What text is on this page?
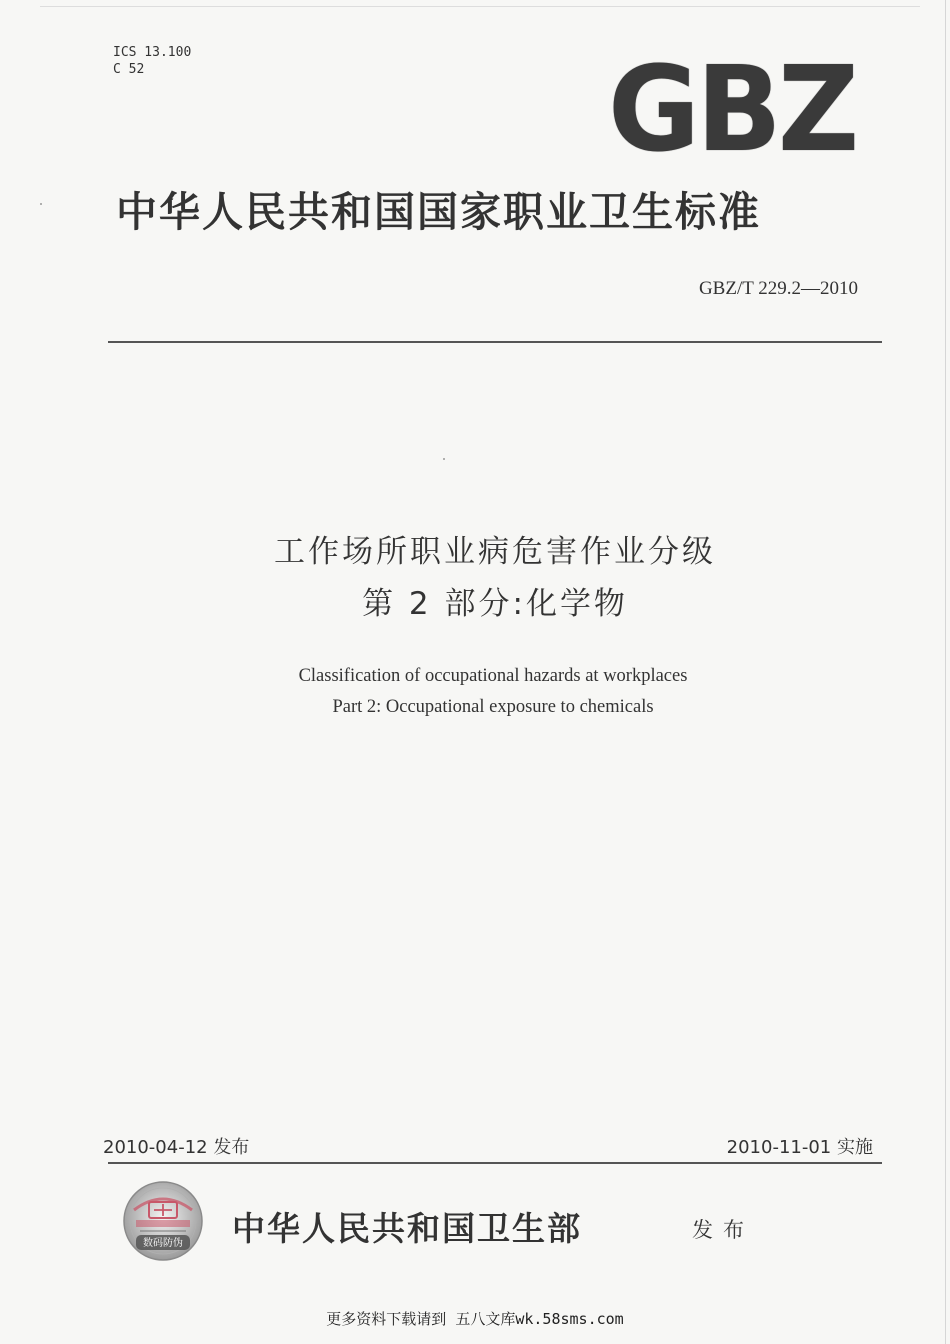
ICS 13.100
C 52	GBZ
中华人民共和国国家职业卫生标准
GBZ/T 229.2—2010
工作场所职业病危害作业分级
第 2 部分:化学物
Classification of occupational hazards at workplaces
Part 2: Occupational exposure to chemicals
2010-04-12 发布	2010-11-01 实施
数码防伪 中华人民共和国卫生部	发布
更多资料下载请到 五八文库wk.58sms.com
